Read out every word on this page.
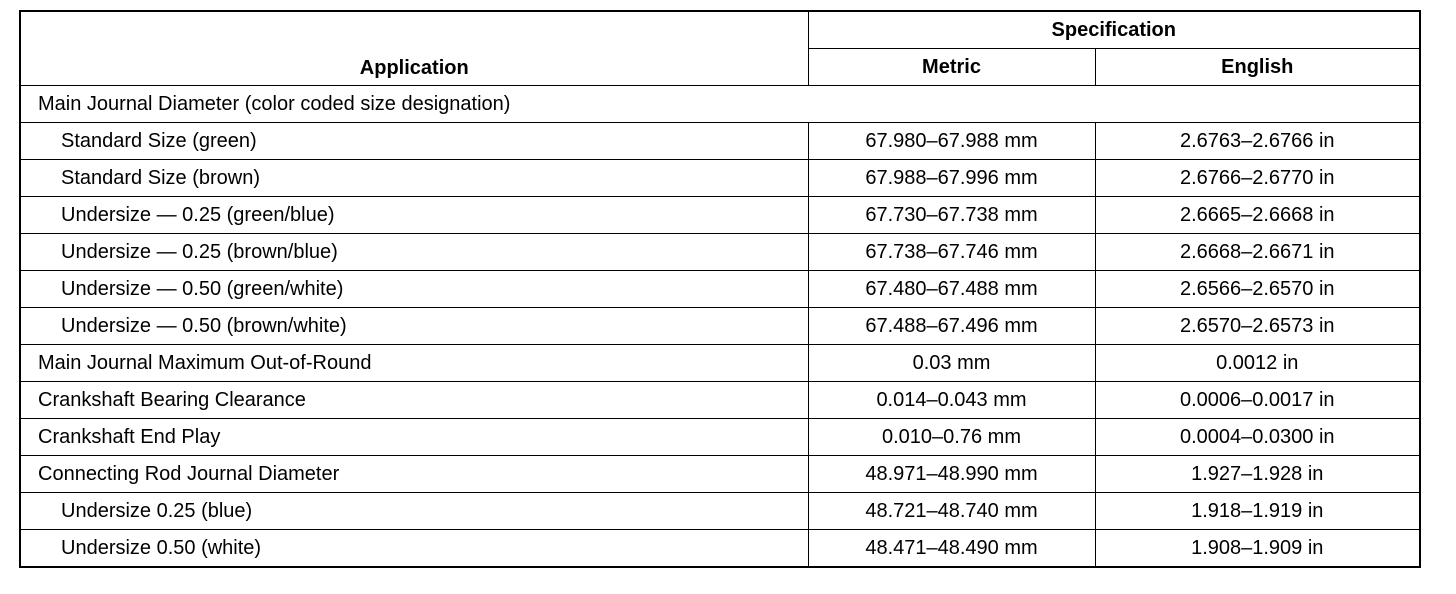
Application	Specification	
	Metric	English
Main Journal Diameter (color coded size designation)		
Standard Size (green)	67.980–67.988 mm	2.6763–2.6766 in
Standard Size (brown)	67.988–67.996 mm	2.6766–2.6770 in
Undersize — 0.25 (green/blue)	67.730–67.738 mm	2.6665–2.6668 in
Undersize — 0.25 (brown/blue)	67.738–67.746 mm	2.6668–2.6671 in
Undersize — 0.50 (green/white)	67.480–67.488 mm	2.6566–2.6570 in
Undersize — 0.50 (brown/white)	67.488–67.496 mm	2.6570–2.6573 in
Main Journal Maximum Out-of-Round	0.03 mm	0.0012 in
Crankshaft Bearing Clearance	0.014–0.043 mm	0.0006–0.0017 in
Crankshaft End Play	0.010–0.76 mm	0.0004–0.0300 in
Connecting Rod Journal Diameter	48.971–48.990 mm	1.927–1.928 in
Undersize 0.25 (blue)	48.721–48.740 mm	1.918–1.919 in
Undersize 0.50 (white)	48.471–48.490 mm	1.908–1.909 in
